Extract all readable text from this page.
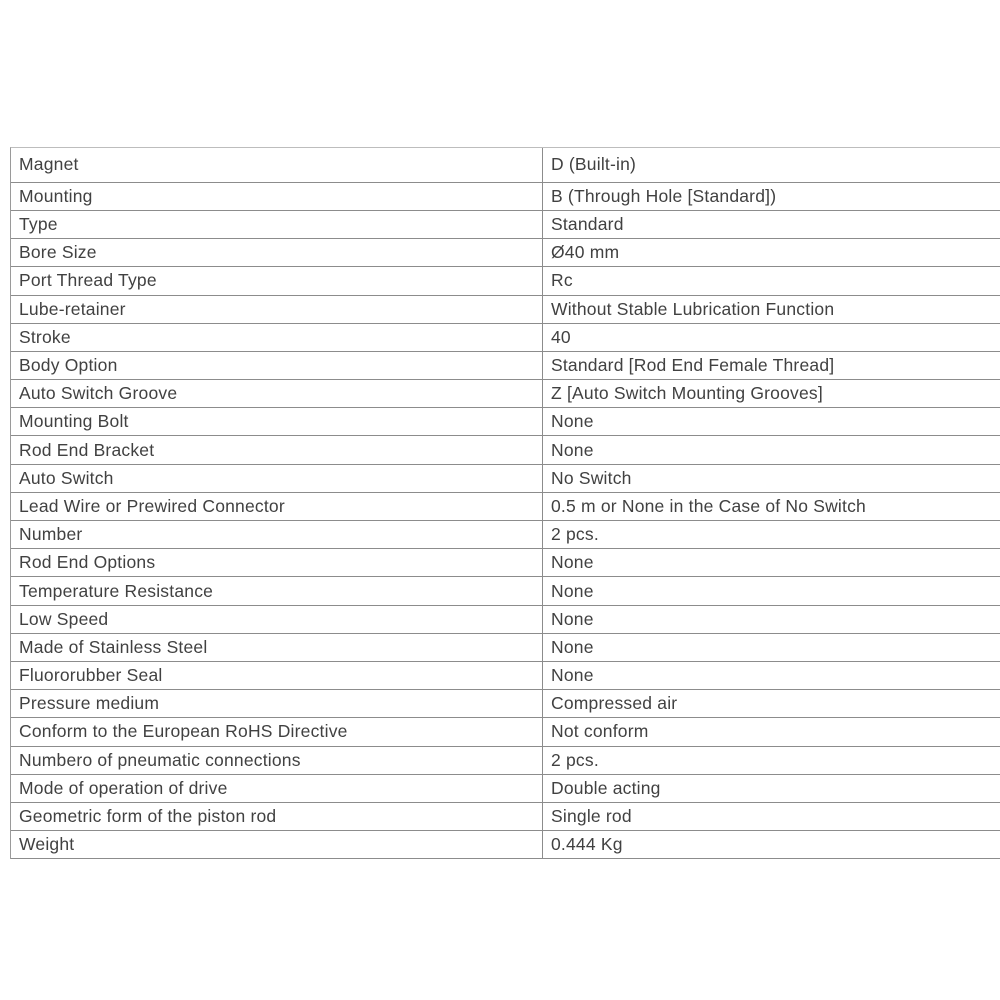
Magnet	D (Built-in)
Mounting	B (Through Hole [Standard])
Type	Standard
Bore Size	Ø40 mm
Port Thread Type	Rc
Lube-retainer	Without Stable Lubrication Function
Stroke	40
Body Option	Standard [Rod End Female Thread]
Auto Switch Groove	Z [Auto Switch Mounting Grooves]
Mounting Bolt	None
Rod End Bracket	None
Auto Switch	No Switch
Lead Wire or Prewired Connector	0.5 m or None in the Case of No Switch
Number	2 pcs.
Rod End Options	None
Temperature Resistance	None
Low Speed	None
Made of Stainless Steel	None
Fluororubber Seal	None
Pressure medium	Compressed air
Conform to the European RoHS Directive	Not conform
Numbero of pneumatic connections	2 pcs.
Mode of operation of drive	Double acting
Geometric form of the piston rod	Single rod
Weight	0.444 Kg
